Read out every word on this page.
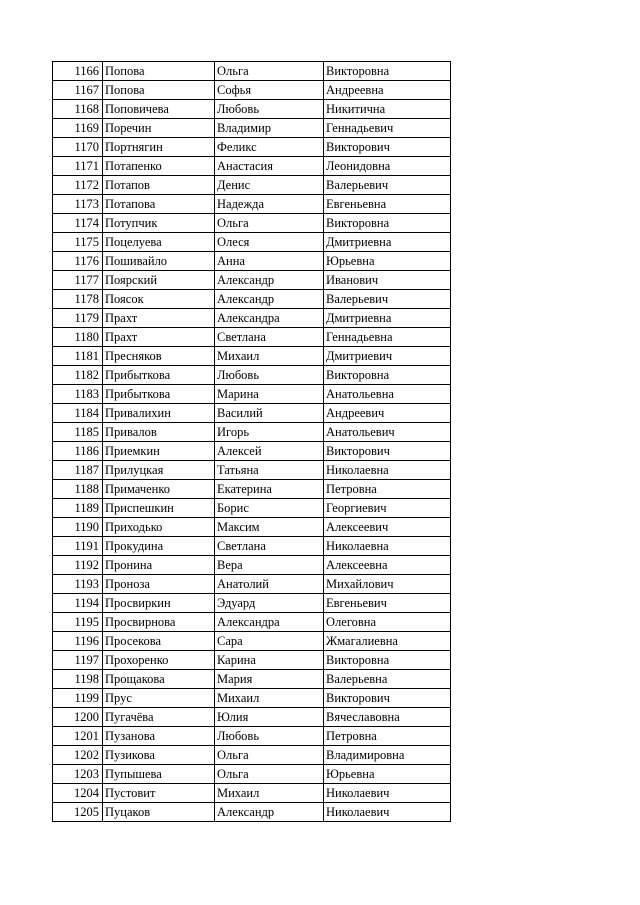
1166	Попова	Ольга	Викторовна
1167	Попова	Софья	Андреевна
1168	Поповичева	Любовь	Никитична
1169	Поречин	Владимир	Геннадьевич
1170	Портнягин	Феликс	Викторович
1171	Потапенко	Анастасия	Леонидовна
1172	Потапов	Денис	Валерьевич
1173	Потапова	Надежда	Евгеньевна
1174	Потупчик	Ольга	Викторовна
1175	Поцелуева	Олеся	Дмитриевна
1176	Пошивайло	Анна	Юрьевна
1177	Поярский	Александр	Иванович
1178	Поясок	Александр	Валерьевич
1179	Прахт	Александра	Дмитриевна
1180	Прахт	Светлана	Геннадьевна
1181	Пресняков	Михаил	Дмитриевич
1182	Прибыткова	Любовь	Викторовна
1183	Прибыткова	Марина	Анатольевна
1184	Привалихин	Василий	Андреевич
1185	Привалов	Игорь	Анатольевич
1186	Приемкин	Алексей	Викторович
1187	Прилуцкая	Татьяна	Николаевна
1188	Примаченко	Екатерина	Петровна
1189	Приспешкин	Борис	Георгиевич
1190	Приходько	Максим	Алексеевич
1191	Прокудина	Светлана	Николаевна
1192	Пронина	Вера	Алексеевна
1193	Проноза	Анатолий	Михайлович
1194	Просвиркин	Эдуард	Евгеньевич
1195	Просвирнова	Александра	Олеговна
1196	Просекова	Сара	Жмагалиевна
1197	Прохоренко	Карина	Викторовна
1198	Прощакова	Мария	Валерьевна
1199	Прус	Михаил	Викторович
1200	Пугачёва	Юлия	Вячеславовна
1201	Пузанова	Любовь	Петровна
1202	Пузикова	Ольга	Владимировна
1203	Пупышева	Ольга	Юрьевна
1204	Пустовит	Михаил	Николаевич
1205	Пуцаков	Александр	Николаевич
